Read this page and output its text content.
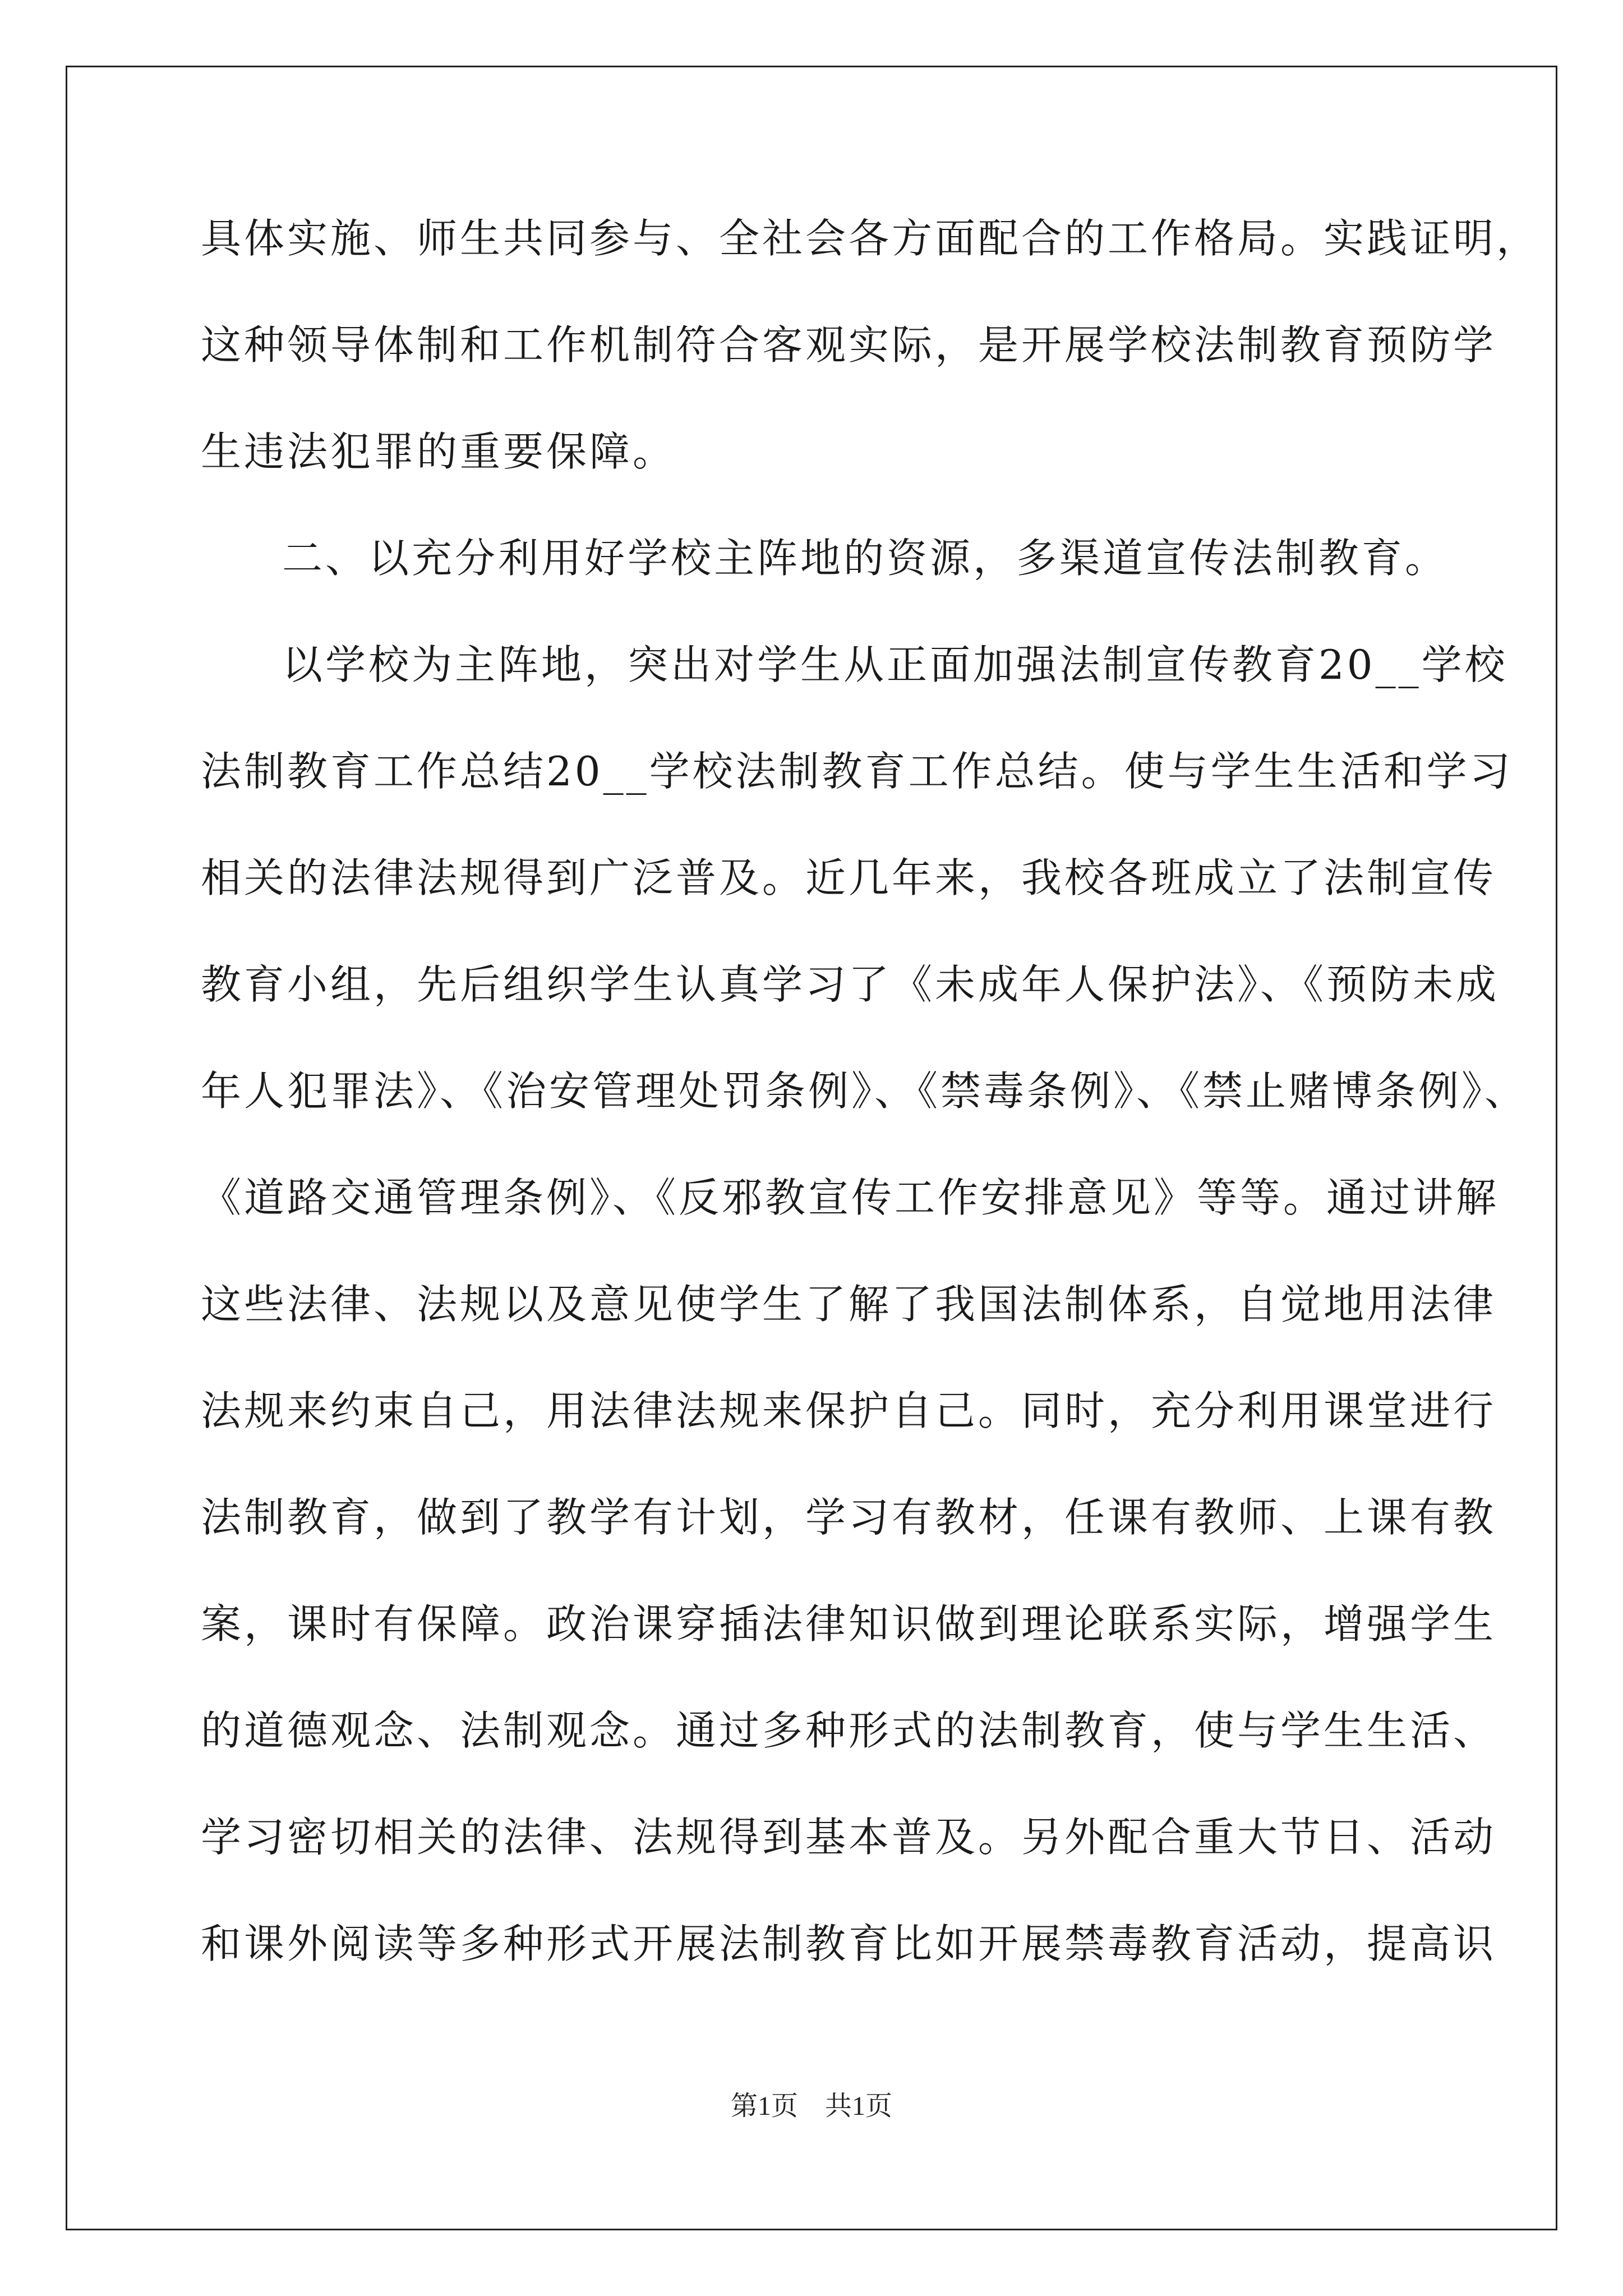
具体实施、师生共同参与、全社会各方面配合的工作格局。实践证明，
这种领导体制和工作机制符合客观实际，是开展学校法制教育预防学
生违法犯罪的重要保障。
二、以充分利用好学校主阵地的资源，多渠道宣传法制教育。
以学校为主阵地，突出对学生从正面加强法制宣传教育20__学校
法制教育工作总结20__学校法制教育工作总结。使与学生生活和学习
相关的法律法规得到广泛普及。近几年来，我校各班成立了法制宣传
教育小组，先后组织学生认真学习了《未成年人保护法》、《预防未成
年人犯罪法》、《治安管理处罚条例》、《禁毒条例》、《禁止赌博条例》、
《道路交通管理条例》、《反邪教宣传工作安排意见》等等。通过讲解
这些法律、法规以及意见使学生了解了我国法制体系，自觉地用法律
法规来约束自己，用法律法规来保护自己。同时，充分利用课堂进行
法制教育，做到了教学有计划，学习有教材，任课有教师、上课有教
案，课时有保障。政治课穿插法律知识做到理论联系实际，增强学生
的道德观念、法制观念。通过多种形式的法制教育，使与学生生活、
学习密切相关的法律、法规得到基本普及。另外配合重大节日、活动
和课外阅读等多种形式开展法制教育比如开展禁毒教育活动，提高识
第1页 共1页
